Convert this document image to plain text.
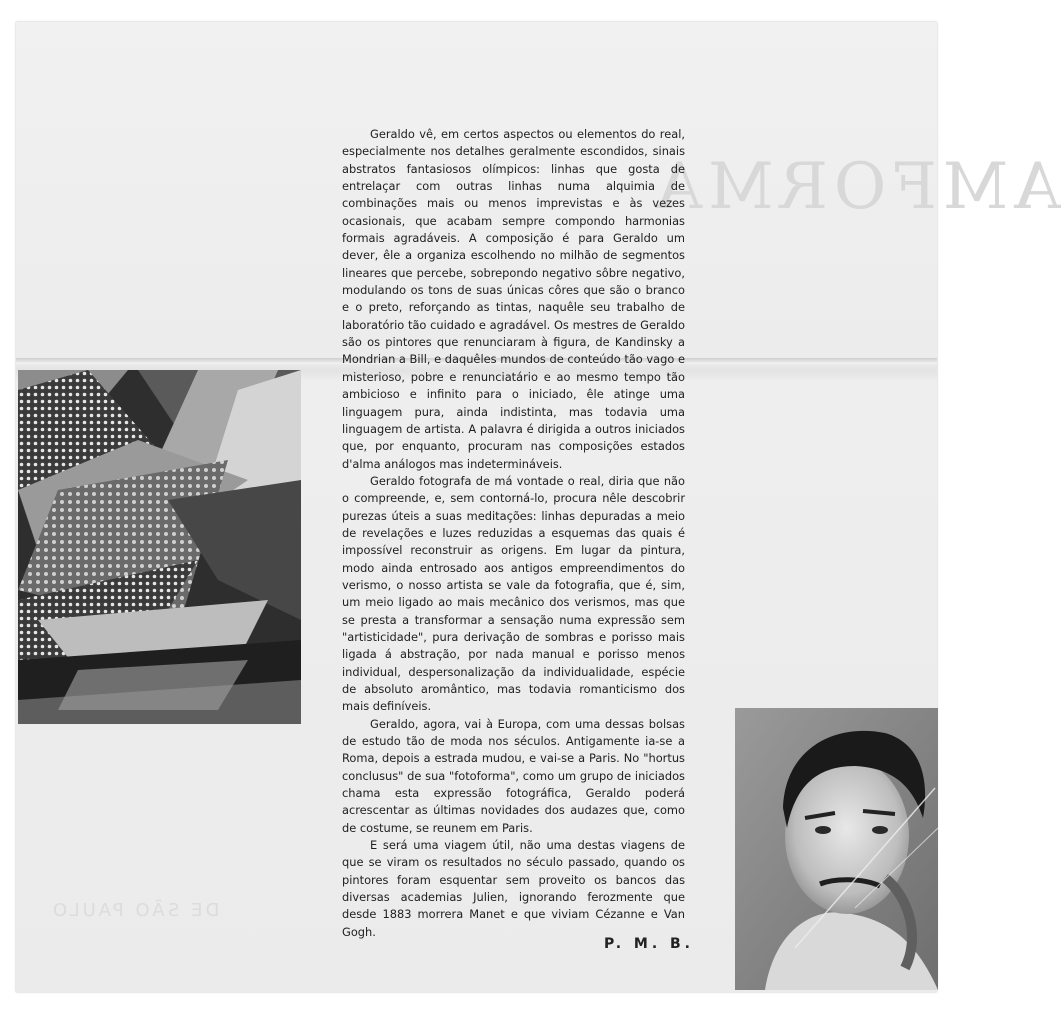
AMFORMA
DE SÃO PAULO

Geraldo vê, em certos aspectos ou elementos do real, especialmente nos detalhes geralmente escondidos, sinais abstratos fantasiosos olímpicos: linhas que gosta de entrelaçar com outras linhas numa alquimia de combinações mais ou menos imprevistas e às vezes ocasionais, que acabam sempre compondo harmonias formais agradáveis. A composição é para Geraldo um dever, êle a organiza escolhendo no milhão de segmentos lineares que percebe, sobrepondo negativo sôbre negativo, modulando os tons de suas únicas côres que são o branco e o preto, reforçando as tintas, naquêle seu trabalho de laboratório tão cuidado e agradável. Os mestres de Geraldo são os pintores que renunciaram à figura, de Kandinsky a Mondrian a Bill, e daquêles mundos de conteúdo tão vago e misterioso, pobre e renunciatário e ao mesmo tempo tão ambicioso e infinito para o iniciado, êle atinge uma linguagem pura, ainda indistinta, mas todavia uma linguagem de artista. A palavra é dirigida a outros iniciados que, por enquanto, procuram nas composições estados d'alma análogos mas indetermináveis.

Geraldo fotografa de má vontade o real, diria que não o compreende, e, sem contorná-lo, procura nêle descobrir purezas úteis a suas meditações: linhas depuradas a meio de revelações e luzes reduzidas a esquemas das quais é impossível reconstruir as origens. Em lugar da pintura, modo ainda entrosado aos antigos empreendimentos do verismo, o nosso artista se vale da fotografia, que é, sim, um meio ligado ao mais mecânico dos verismos, mas que se presta a transformar a sensação numa expressão sem "artisticidade", pura derivação de sombras e porisso mais ligada á abstração, por nada manual e porisso menos individual, despersonalização da individualidade, espécie de absoluto aromântico, mas todavia romanticismo dos mais definíveis.

Geraldo, agora, vai à Europa, com uma dessas bolsas de estudo tão de moda nos séculos. Antigamente ia-se a Roma, depois a estrada mudou, e vai-se a Paris. No "hortus conclusus" de sua "fotoforma", como um grupo de iniciados chama esta expressão fotográfica, Geraldo poderá acrescentar as últimas novidades dos audazes que, como de costume, se reunem em Paris.

E será uma viagem útil, não uma destas viagens de que se viram os resultados no século passado, quando os pintores foram esquentar sem proveito os bancos das diversas academias Julien, ignorando ferozmente que desde 1883 morrera Manet e que viviam Cézanne e Van Gogh.

P. M. B.
